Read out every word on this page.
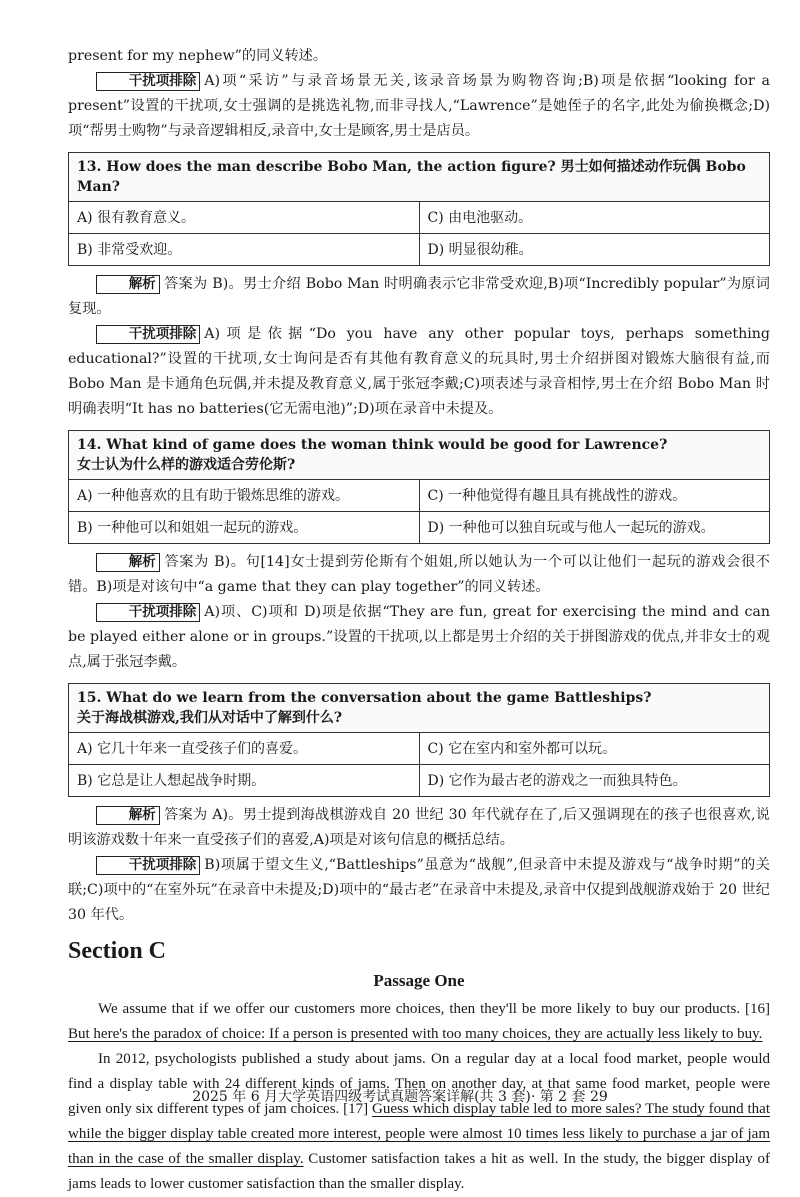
present for my nephew”的同义转述。

干扰项排除 A)项“采访”与录音场景无关,该录音场景为购物咨询;B)项是依据“looking for a present”设置的干扰项,女士强调的是挑选礼物,而非寻找人,“Lawrence”是她侄子的名字,此处为偷换概念;D)项“帮男士购物”与录音逻辑相反,录音中,女士是顾客,男士是店员。

13. How does the man describe Bobo Man, the action figure? 男士如何描述动作玩偶 Bobo Man?	
A) 很有教育意义。	C) 由电池驱动。
B) 非常受欢迎。	D) 明显很幼稚。

解析 答案为 B)。男士介绍 Bobo Man 时明确表示它非常受欢迎,B)项“Incredibly popular”为原词复现。

干扰项排除 A)项是依据“Do you have any other popular toys, perhaps something educational?”设置的干扰项,女士询问是否有其他有教育意义的玩具时,男士介绍拼图对锻炼大脑很有益,而 Bobo Man 是卡通角色玩偶,并未提及教育意义,属于张冠李戴;C)项表述与录音相悖,男士在介绍 Bobo Man 时明确表明“It has no batteries(它无需电池)”;D)项在录音中未提及。

14. What kind of game does the woman think would be good for Lawrence?
女士认为什么样的游戏适合劳伦斯?	

A) 一种他喜欢的且有助于锻炼思维的游戏。	C) 一种他觉得有趣且具有挑战性的游戏。
B) 一种他可以和姐姐一起玩的游戏。	D) 一种他可以独自玩或与他人一起玩的游戏。

解析 答案为 B)。句[14]女士提到劳伦斯有个姐姐,所以她认为一个可以让他们一起玩的游戏会很不错。B)项是对该句中“a game that they can play together”的同义转述。

干扰项排除 A)项、C)项和 D)项是依据“They are fun, great for exercising the mind and can be played either alone or in groups.”设置的干扰项,以上都是男士介绍的关于拼图游戏的优点,并非女士的观点,属于张冠李戴。

15. What do we learn from the conversation about the game Battleships?
关于海战棋游戏,我们从对话中了解到什么?	

A) 它几十年来一直受孩子们的喜爱。	C) 它在室内和室外都可以玩。
B) 它总是让人想起战争时期。	D) 它作为最古老的游戏之一而独具特色。

解析 答案为 A)。男士提到海战棋游戏自 20 世纪 30 年代就存在了,后又强调现在的孩子也很喜欢,说明该游戏数十年来一直受孩子们的喜爱,A)项是对该句信息的概括总结。

干扰项排除 B)项属于望文生义,“Battleships”虽意为“战舰”,但录音中未提及游戏与“战争时期”的关联;C)项中的“在室外玩”在录音中未提及;D)项中的“最古老”在录音中未提及,录音中仅提到战舰游戏始于 20 世纪 30 年代。

Section C
Passage One

We assume that if we offer our customers more choices, then they'll be more likely to buy our products. [16] But here's the paradox of choice: If a person is presented with too many choices, they are actually less likely to buy.

In 2012, psychologists published a study about jams. On a regular day at a local food market, people would find a display table with 24 different kinds of jams. Then on another day, at that same food market, people were given only six different types of jam choices. [17] Guess which display table led to more sales? The study found that while the bigger display table created more interest, people were almost 10 times less likely to purchase a jar of jam than in the case of the smaller display. Customer satisfaction takes a hit as well. In the study, the bigger display of jams leads to lower customer satisfaction than the smaller display.

2025 年 6 月大学英语四级考试真题答案详解(共 3 套)· 第 2 套 29
